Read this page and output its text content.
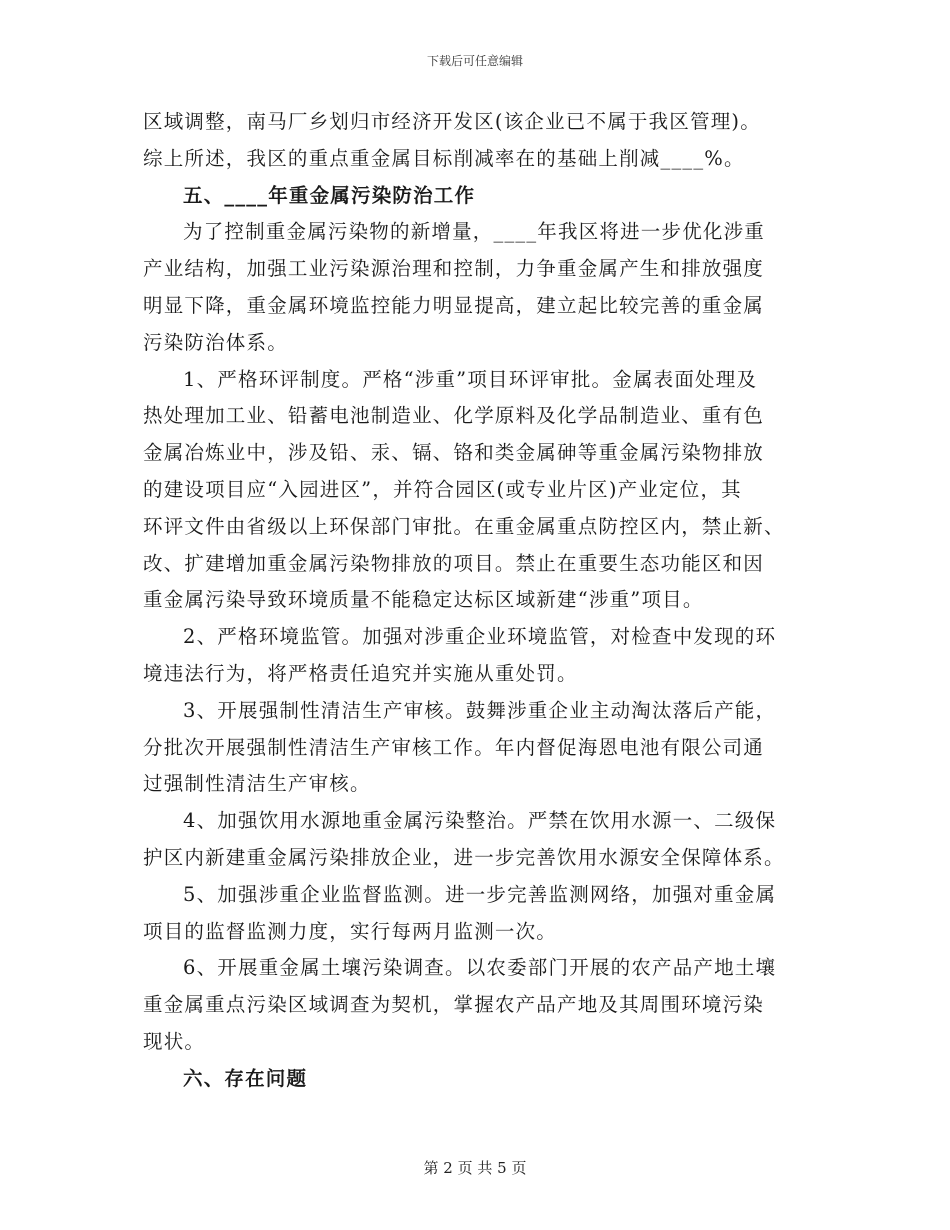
下载后可任意编辑
区域调整，南马厂乡划归市经济开发区(该企业已不属于我区管理)。
综上所述，我区的重点重金属目标削减率在的基础上削减____%。
五、____年重金属污染防治工作
为了控制重金属污染物的新增量，____年我区将进一步优化涉重
产业结构，加强工业污染源治理和控制，力争重金属产生和排放强度
明显下降，重金属环境监控能力明显提高，建立起比较完善的重金属
污染防治体系。
1、严格环评制度。严格“涉重”项目环评审批。金属表面处理及
热处理加工业、铅蓄电池制造业、化学原料及化学品制造业、重有色
金属冶炼业中，涉及铅、汞、镉、铬和类金属砷等重金属污染物排放
的建设项目应“入园进区”，并符合园区(或专业片区)产业定位，其
环评文件由省级以上环保部门审批。在重金属重点防控区内，禁止新、
改、扩建增加重金属污染物排放的项目。禁止在重要生态功能区和因
重金属污染导致环境质量不能稳定达标区域新建“涉重”项目。
2、严格环境监管。加强对涉重企业环境监管，对检查中发现的环
境违法行为，将严格责任追究并实施从重处罚。
3、开展强制性清洁生产审核。鼓舞涉重企业主动淘汰落后产能，
分批次开展强制性清洁生产审核工作。年内督促海恩电池有限公司通
过强制性清洁生产审核。
4、加强饮用水源地重金属污染整治。严禁在饮用水源一、二级保
护区内新建重金属污染排放企业，进一步完善饮用水源安全保障体系。
5、加强涉重企业监督监测。进一步完善监测网络，加强对重金属
项目的监督监测力度，实行每两月监测一次。
6、开展重金属土壤污染调查。以农委部门开展的农产品产地土壤
重金属重点污染区域调查为契机，掌握农产品产地及其周围环境污染
现状。
六、存在问题
第 2 页 共 5 页
